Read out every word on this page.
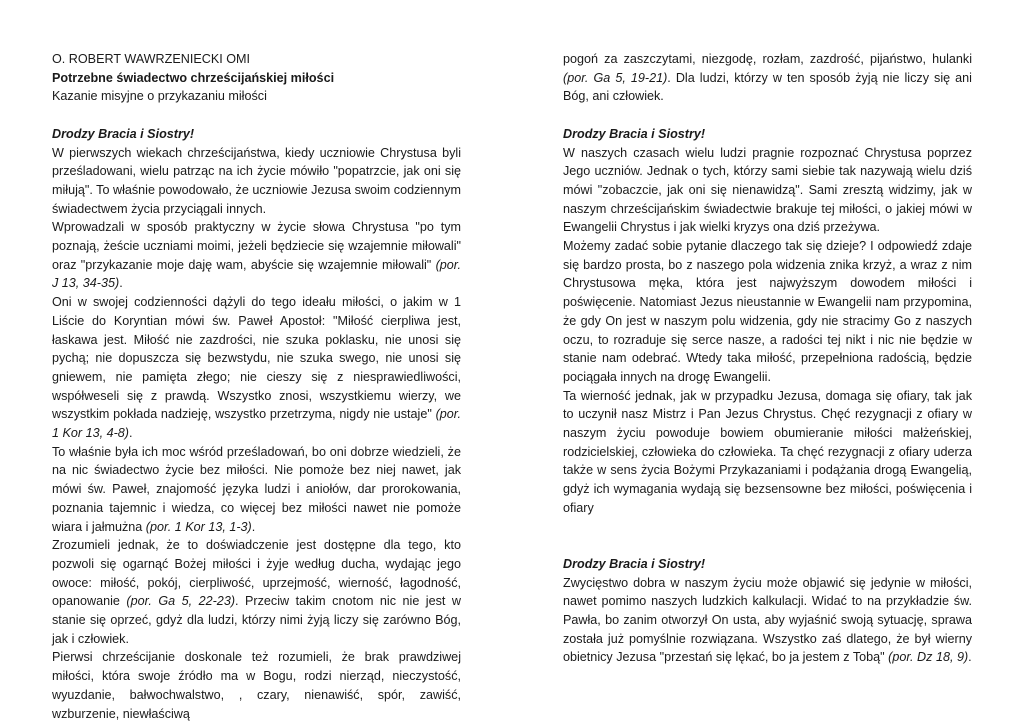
O. ROBERT WAWRZENIECKI OMI

Potrzebne świadectwo chrześcijańskiej miłości

Kazanie misyjne o przykazaniu miłości

Drodzy Bracia i Siostry!

W pierwszych wiekach chrześcijaństwa, kiedy uczniowie Chrystusa byli prześladowani, wielu patrząc na ich życie mówiło "popatrzcie, jak oni się miłują". To właśnie powodowało, że uczniowie Jezusa swoim codziennym świadectwem życia przyciągali innych.

Wprowadzali w sposób praktyczny w życie słowa Chrystusa "po tym poznają, żeście uczniami moimi, jeżeli będziecie się wzajemnie miłowali" oraz "przykazanie moje daję wam, abyście się wzajemnie miłowali" (por. J 13, 34-35).

Oni w swojej codzienności dążyli do tego ideału miłości, o jakim w 1 Liście do Koryntian mówi św. Paweł Apostoł: "Miłość cierpliwa jest, łaskawa jest. Miłość nie zazdrości, nie szuka poklasku, nie unosi się pychą; nie dopuszcza się bezwstydu, nie szuka swego, nie unosi się gniewem, nie pamięta złego; nie cieszy się z niesprawiedliwości, współweseli się z prawdą. Wszystko znosi, wszystkiemu wierzy, we wszystkim pokłada nadzieję, wszystko przetrzyma, nigdy nie ustaje" (por. 1 Kor 13, 4-8).

To właśnie była ich moc wśród prześladowań, bo oni dobrze wiedzieli, że na nic świadectwo życie bez miłości. Nie pomoże bez niej nawet, jak mówi św. Paweł, znajomość języka ludzi i aniołów, dar prorokowania, poznania tajemnic i wiedza, co więcej bez miłości nawet nie pomoże wiara i jałmużna (por. 1 Kor 13, 1-3).

Zrozumieli jednak, że to doświadczenie jest dostępne dla tego, kto pozwoli się ogarnąć Bożej miłości i żyje według ducha, wydając jego owoce: miłość, pokój, cierpliwość, uprzejmość, wierność, łagodność, opanowanie (por. Ga 5, 22-23). Przeciw takim cnotom nic nie jest w stanie się oprzeć, gdyż dla ludzi, którzy nimi żyją liczy się zarówno Bóg, jak i człowiek.

Pierwsi chrześcijanie doskonale też rozumieli, że brak prawdziwej miłości, która swoje źródło ma w Bogu, rodzi nierząd, nieczystość, wyuzdanie, bałwochwalstwo, , czary, nienawiść, spór, zawiść, wzburzenie, niewłaściwą

pogoń za zaszczytami, niezgodę, rozłam, zazdrość, pijaństwo, hulanki (por. Ga 5, 19-21). Dla ludzi, którzy w ten sposób żyją nie liczy się ani Bóg, ani człowiek.

Drodzy Bracia i Siostry!

W naszych czasach wielu ludzi pragnie rozpoznać Chrystusa poprzez Jego uczniów. Jednak o tych, którzy sami siebie tak nazywają wielu dziś mówi "zobaczcie, jak oni się nienawidzą". Sami zresztą widzimy, jak w naszym chrześcijańskim świadectwie brakuje tej miłości, o jakiej mówi w Ewangelii Chrystus i jak wielki kryzys ona dziś przeżywa.

Możemy zadać sobie pytanie dlaczego tak się dzieje? I odpowiedź zdaje się bardzo prosta, bo z naszego pola widzenia znika krzyż, a wraz z nim Chrystusowa męka, która jest najwyższym dowodem miłości i poświęcenie. Natomiast Jezus nieustannie w Ewangelii nam przypomina, że gdy On jest w naszym polu widzenia, gdy nie stracimy Go z naszych oczu, to rozraduje się serce nasze, a radości tej nikt i nic nie będzie w stanie nam odebrać. Wtedy taka miłość, przepełniona radością, będzie pociągała innych na drogę Ewangelii.

Ta wierność jednak, jak w przypadku Jezusa, domaga się ofiary, tak jak to uczynił nasz Mistrz i Pan Jezus Chrystus. Chęć rezygnacji z ofiary w naszym życiu powoduje bowiem obumieranie miłości małżeńskiej, rodzicielskiej, człowieka do człowieka. Ta chęć rezygnacji z ofiary uderza także w sens życia Bożymi Przykazaniami i podążania drogą Ewangelią, gdyż ich wymagania wydają się bezsensowne bez miłości, poświęcenia i ofiary

Drodzy Bracia i Siostry!

Zwycięstwo dobra w naszym życiu może objawić się jedynie w miłości, nawet pomimo naszych ludzkich kalkulacji. Widać to na przykładzie św. Pawła, bo zanim otworzył On usta, aby wyjaśnić swoją sytuację, sprawa została już pomyślnie rozwiązana. Wszystko zaś dlatego, że był wierny obietnicy Jezusa "przestań się lękać, bo ja jestem z Tobą" (por. Dz 18, 9).
